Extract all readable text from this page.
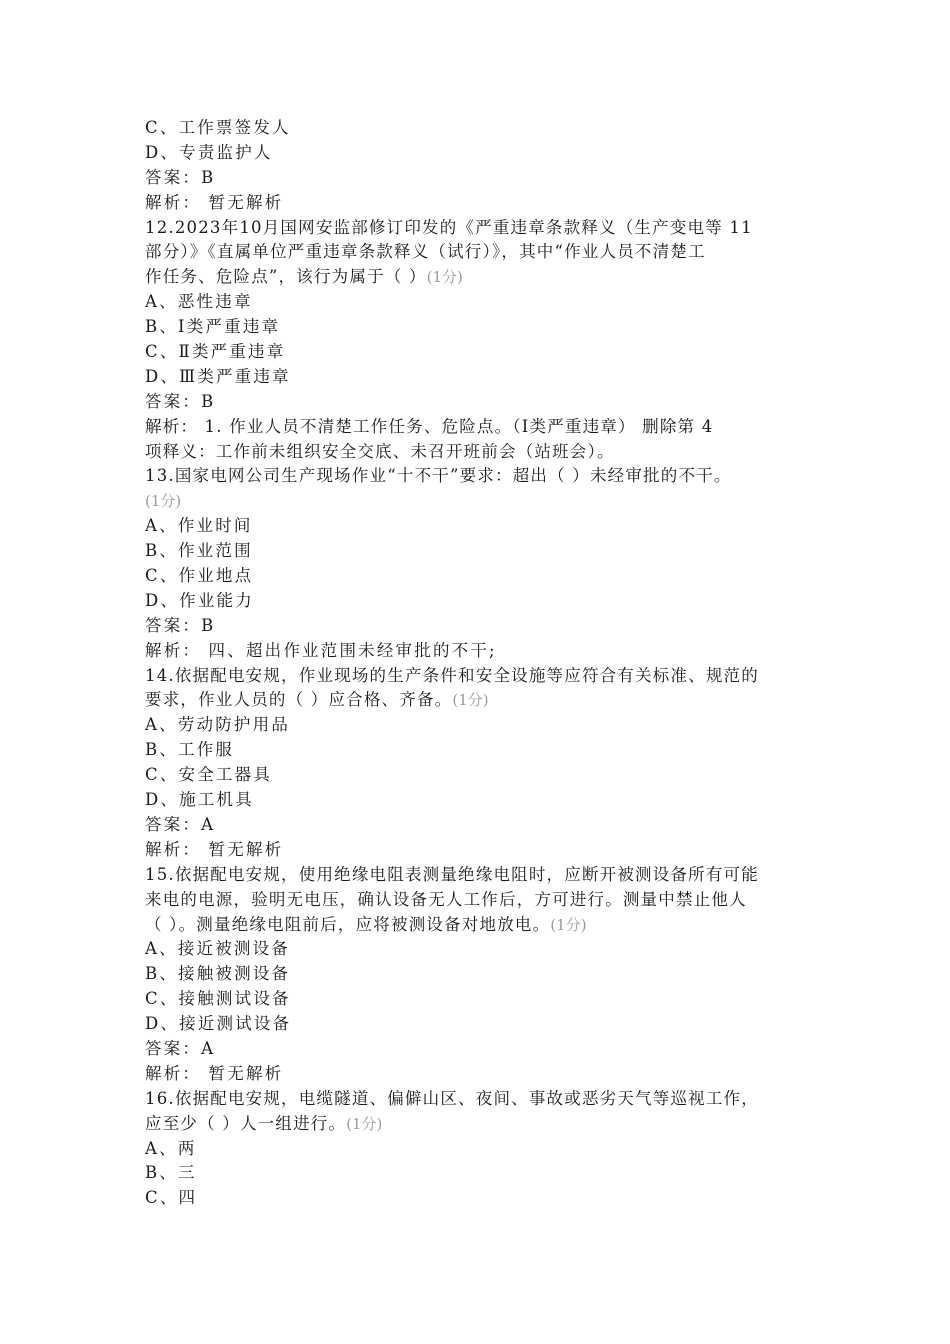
C、工作票签发人
D、专责监护人
答案：B
解析： 暂无解析
12.2023年10月国网安监部修订印发的《严重违章条款释义（生产变电等 11
部分）》《直属单位严重违章条款释义（试行）》，其中“作业人员不清楚工
作任务、危险点”，该行为属于（ ）(1分)
A、恶性违章
B、Ⅰ类严重违章
C、Ⅱ类严重违章
D、Ⅲ类严重违章
答案：B
解析： 1. 作业人员不清楚工作任务、危险点。（Ⅰ类严重违章） 删除第 4
项释义：工作前未组织安全交底、未召开班前会（站班会）。
13.国家电网公司生产现场作业“十不干”要求：超出（ ）未经审批的不干。
(1分)
A、作业时间
B、作业范围
C、作业地点
D、作业能力
答案：B
解析： 四、超出作业范围未经审批的不干;
14.依据配电安规，作业现场的生产条件和安全设施等应符合有关标准、规范的
要求，作业人员的（ ）应合格、齐备。(1分)
A、劳动防护用品
B、工作服
C、安全工器具
D、施工机具
答案：A
解析： 暂无解析
15.依据配电安规，使用绝缘电阻表测量绝缘电阻时，应断开被测设备所有可能
来电的电源，验明无电压，确认设备无人工作后，方可进行。测量中禁止他人
（ ）。测量绝缘电阻前后，应将被测设备对地放电。(1分)
A、接近被测设备
B、接触被测设备
C、接触测试设备
D、接近测试设备
答案：A
解析： 暂无解析
16.依据配电安规，电缆隧道、偏僻山区、夜间、事故或恶劣天气等巡视工作，
应至少（ ）人一组进行。(1分)
A、两
B、三
C、四
